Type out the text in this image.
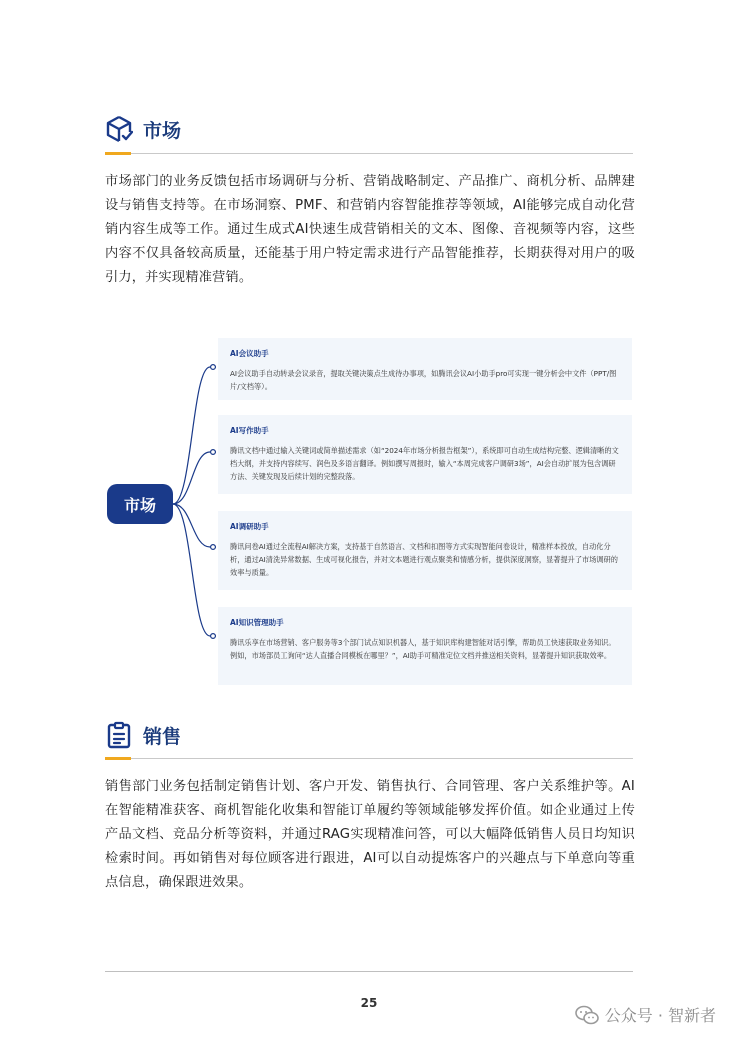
市场
市场部门的业务反馈包括市场调研与分析、营销战略制定、产品推广、商机分析、品牌建设与销售支持等。在市场洞察、PMF、和营销内容智能推荐等领域，AI能够完成自动化营销内容生成等工作。通过生成式AI快速生成营销相关的文本、图像、音视频等内容，这些内容不仅具备较高质量，还能基于用户特定需求进行产品智能推荐，长期获得对用户的吸引力，并实现精准营销。
市场
AI会议助手
AI会议助手自动转录会议录音，提取关键决策点生成待办事项，如腾讯会议AI小助手pro可实现一键分析会中文件（PPT/图片/文档等）。
AI写作助手
腾讯文档中通过输入关键词或简单描述需求（如“2024年市场分析报告框架”），系统即可自动生成结构完整、逻辑清晰的文档大纲，并支持内容续写、润色及多语言翻译。例如撰写周报时，输入“本周完成客户调研3场”，AI会自动扩展为包含调研方法、关键发现及后续计划的完整段落。
AI调研助手
腾讯问卷AI通过全流程AI解决方案，支持基于自然语言、文档和扣图等方式实现智能问卷设计，精准样本投放，自动化分析，通过AI清洗异常数据、生成可视化报告，并对文本题进行观点聚类和情感分析，提供深度洞察，显著提升了市场调研的效率与质量。
AI知识管理助手
腾讯乐享在市场营销、客户服务等3个部门试点知识机器人，基于知识库构建智能对话引擎，帮助员工快速获取业务知识。例如，市场部员工询问“达人直播合同模板在哪里？”，AI助手可精准定位文档并推送相关资料，显著提升知识获取效率。
销售
销售部门业务包括制定销售计划、客户开发、销售执行、合同管理、客户关系维护等。AI在智能精准获客、商机智能化收集和智能订单履约等领域能够发挥价值。如企业通过上传产品文档、竞品分析等资料，并通过RAG实现精准问答，可以大幅降低销售人员日均知识检索时间。再如销售对每位顾客进行跟进，AI可以自动提炼客户的兴趣点与下单意向等重点信息，确保跟进效果。
25
公众号 · 智新者
